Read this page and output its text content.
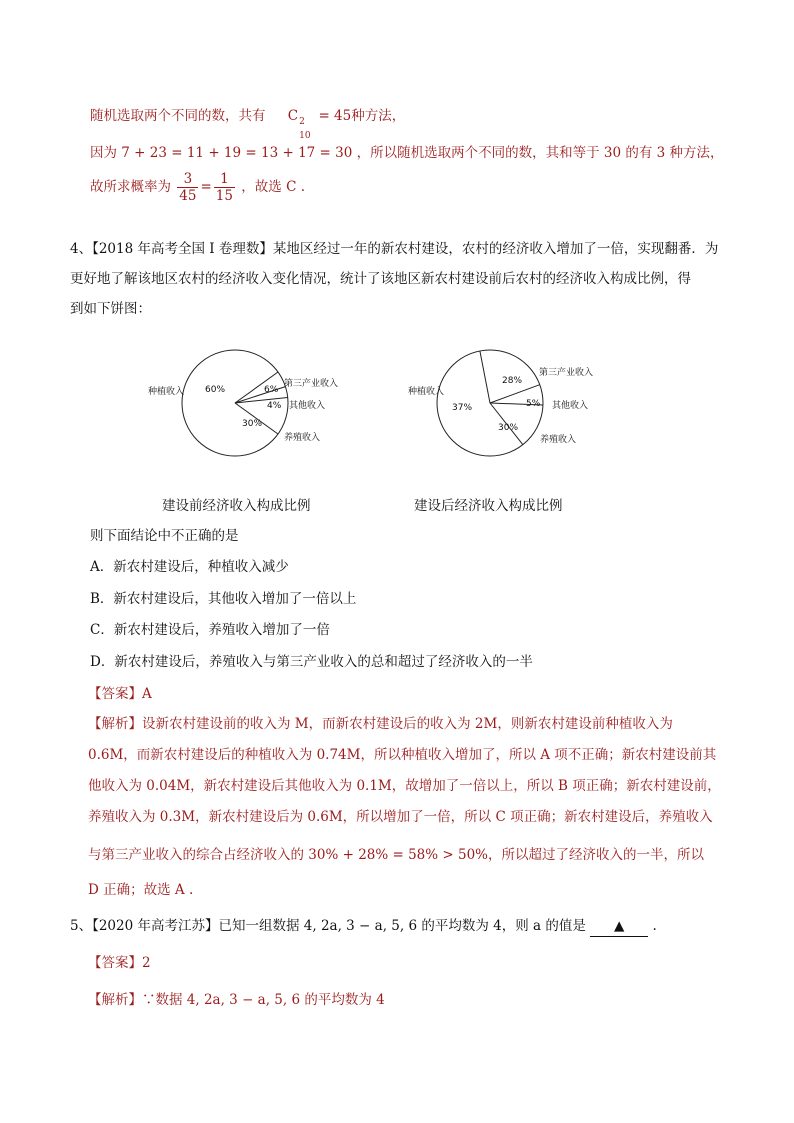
随机选取两个不同的数，共有 C 2
10
= 45种方法，
因为 7 + 23 = 11 + 19 = 13 + 17 = 30 ，所以随机选取两个不同的数，其和等于 30 的有 3 种方法，
故所求概率为 $\frac{3}{45} = \frac{1}{15}$ ，故选 C .
4、【2018 年高考全国 I 卷理数】某地区经过一年的新农村建设，农村的经济收入增加了一倍，实现翻番．为
更好地了解该地区农村的经济收入变化情况，统计了该地区新农村建设前后农村的经济收入构成比例，得
到如下饼图：
60%	6%
4%
30%
种植收入
第三产业收入
其他收入
养殖收入
37%
28%
5%
30%
种植收入
第三产业收入
其他收入
养殖收入
建设前经济收入构成比例	建设后经济收入构成比例
则下面结论中不正确的是
A．新农村建设后，种植收入减少
B．新农村建设后，其他收入增加了一倍以上
C．新农村建设后，养殖收入增加了一倍
D．新农村建设后，养殖收入与第三产业收入的总和超过了经济收入的一半
【答案】A
【解析】设新农村建设前的收入为 M，而新农村建设后的收入为 2M，则新农村建设前种植收入为
0.6M，而新农村建设后的种植收入为 0.74M，所以种植收入增加了，所以 A 项不正确；新农村建设前其
他收入为 0.04M，新农村建设后其他收入为 0.1M，故增加了一倍以上，所以 B 项正确；新农村建设前，
养殖收入为 0.3M，新农村建设后为 0.6M，所以增加了一倍，所以 C 项正确；新农村建设后，养殖收入
与第三产业收入的综合占经济收入的 30% + 28% = 58% > 50%，所以超过了经济收入的一半，所以
D 正确；故选 A .
5、【2020 年高考江苏】已知一组数据 4, 2a, 3 − a, 5, 6 的平均数为 4，则 a 的值是 ▲ .
【答案】2
【解析】∵数据 4, 2a, 3 − a, 5, 6 的平均数为 4
